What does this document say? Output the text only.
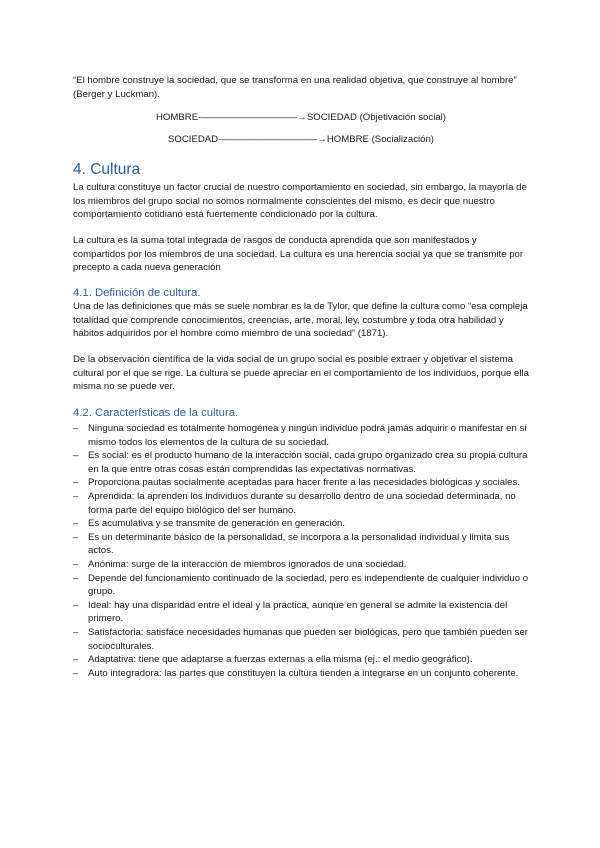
“El hombre construye la sociedad, que se transforma en una realidad objetiva, que construye al hombre” (Berger y Luckman).

HOMBRE-——————————→SOCIEDAD (Objetivación social)

SOCIEDAD-——————————→HOMBRE (Socialización)

4. Cultura

La cultura constituye un factor crucial de nuestro comportamiento en sociedad, sin embargo, la mayoría de los miembros del grupo social no somos normalmente conscientes del mismo, es decir que nuestro comportamiento cotidiano está fuertemente condicionado por la cultura.

La cultura es la suma total integrada de rasgos de conducta aprendida que son manifestados y compartidos por los miembros de una sociedad. La cultura es una herencia social ya que se transmite por precepto a cada nueva generación

4.1. Definición de cultura.

Una de las definiciones que más se suele nombrar es la de Tylor, que define la cultura como “esa compleja totalidad que comprende conocimientos, creencias, arte, moral, ley, costumbre y toda otra habilidad y hábitos adquiridos por el hombre como miembro de una sociedad” (1871).

De la observación científica de la vida social de un grupo social es posible extraer y objetivar el sistema cultural por el que se rige. La cultura se puede apreciar en el comportamiento de los individuos, porque ella misma no se puede ver.

4.2. Características de la cultura.
– Ninguna sociedad es totalmente homogénea y ningún individuo podrá jamás adquirir o manifestar en sí mismo todos los elementos de la cultura de su sociedad.
– Es social: es el producto humano de la interacción social, cada grupo organizado crea su propia cultura en la que entre otras cosas están comprendidas las expectativas normativas.
– Proporciona pautas socialmente aceptadas para hacer frente a las necesidades biológicas y sociales.
– Aprendida: la aprenden los individuos durante su desarrollo dentro de una sociedad determinada, no forma parte del equipo biológico del ser humano.
– Es acumulativa y se transmite de generación en generación.
– Es un determinante básico de la personalidad, se incorpora a la personalidad individual y limita sus actos.
– Anónima: surge de la interacción de miembros ignorados de una sociedad.
– Depende del funcionamiento continuado de la sociedad, pero es independiente de cualquier individuo o grupo.
– Ideal: hay una disparidad entre el ideal y la práctica, aunque en general se admite la existencia del primero.
– Satisfactoria: satisface necesidades humanas que pueden ser biológicas, pero que también pueden ser socioculturales.
– Adaptativa: tiene que adaptarse a fuerzas externas a ella misma (ej.: el medio geográfico).
– Auto integradora: las partes que constituyen la cultura tienden a integrarse en un conjunto coherente.
